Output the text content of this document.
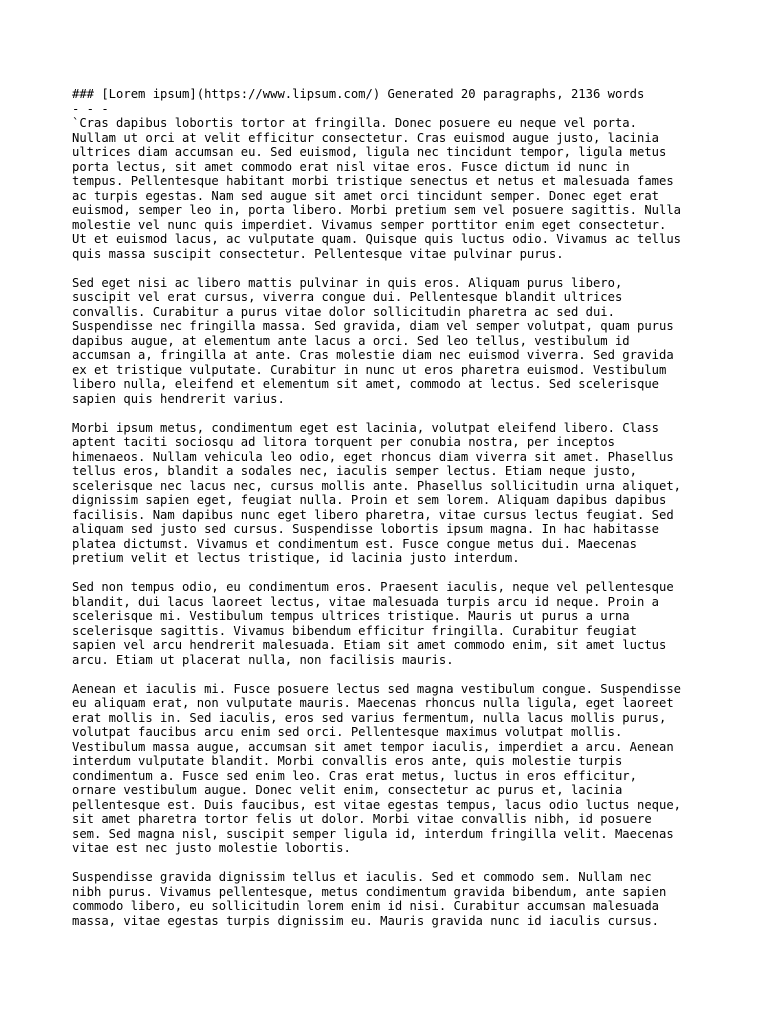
### [Lorem ipsum](https://www.lipsum.com/) Generated 20 paragraphs, 2136 words
- - -
`Cras dapibus lobortis tortor at fringilla. Donec posuere eu neque vel porta.
Nullam ut orci at velit efficitur consectetur. Cras euismod augue justo, lacinia
ultrices diam accumsan eu. Sed euismod, ligula nec tincidunt tempor, ligula metus
porta lectus, sit amet commodo erat nisl vitae eros. Fusce dictum id nunc in
tempus. Pellentesque habitant morbi tristique senectus et netus et malesuada fames
ac turpis egestas. Nam sed augue sit amet orci tincidunt semper. Donec eget erat
euismod, semper leo in, porta libero. Morbi pretium sem vel posuere sagittis. Nulla
molestie vel nunc quis imperdiet. Vivamus semper porttitor enim eget consectetur.
Ut et euismod lacus, ac vulputate quam. Quisque quis luctus odio. Vivamus ac tellus
quis massa suscipit consectetur. Pellentesque vitae pulvinar purus.
Sed eget nisi ac libero mattis pulvinar in quis eros. Aliquam purus libero,
suscipit vel erat cursus, viverra congue dui. Pellentesque blandit ultrices
convallis. Curabitur a purus vitae dolor sollicitudin pharetra ac sed dui.
Suspendisse nec fringilla massa. Sed gravida, diam vel semper volutpat, quam purus
dapibus augue, at elementum ante lacus a orci. Sed leo tellus, vestibulum id
accumsan a, fringilla at ante. Cras molestie diam nec euismod viverra. Sed gravida
ex et tristique vulputate. Curabitur in nunc ut eros pharetra euismod. Vestibulum
libero nulla, eleifend et elementum sit amet, commodo at lectus. Sed scelerisque
sapien quis hendrerit varius.
Morbi ipsum metus, condimentum eget est lacinia, volutpat eleifend libero. Class
aptent taciti sociosqu ad litora torquent per conubia nostra, per inceptos
himenaeos. Nullam vehicula leo odio, eget rhoncus diam viverra sit amet. Phasellus
tellus eros, blandit a sodales nec, iaculis semper lectus. Etiam neque justo,
scelerisque nec lacus nec, cursus mollis ante. Phasellus sollicitudin urna aliquet,
dignissim sapien eget, feugiat nulla. Proin et sem lorem. Aliquam dapibus dapibus
facilisis. Nam dapibus nunc eget libero pharetra, vitae cursus lectus feugiat. Sed
aliquam sed justo sed cursus. Suspendisse lobortis ipsum magna. In hac habitasse
platea dictumst. Vivamus et condimentum est. Fusce congue metus dui. Maecenas
pretium velit et lectus tristique, id lacinia justo interdum.
Sed non tempus odio, eu condimentum eros. Praesent iaculis, neque vel pellentesque
blandit, dui lacus laoreet lectus, vitae malesuada turpis arcu id neque. Proin a
scelerisque mi. Vestibulum tempus ultrices tristique. Mauris ut purus a urna
scelerisque sagittis. Vivamus bibendum efficitur fringilla. Curabitur feugiat
sapien vel arcu hendrerit malesuada. Etiam sit amet commodo enim, sit amet luctus
arcu. Etiam ut placerat nulla, non facilisis mauris.
Aenean et iaculis mi. Fusce posuere lectus sed magna vestibulum congue. Suspendisse
eu aliquam erat, non vulputate mauris. Maecenas rhoncus nulla ligula, eget laoreet
erat mollis in. Sed iaculis, eros sed varius fermentum, nulla lacus mollis purus,
volutpat faucibus arcu enim sed orci. Pellentesque maximus volutpat mollis.
Vestibulum massa augue, accumsan sit amet tempor iaculis, imperdiet a arcu. Aenean
interdum vulputate blandit. Morbi convallis eros ante, quis molestie turpis
condimentum a. Fusce sed enim leo. Cras erat metus, luctus in eros efficitur,
ornare vestibulum augue. Donec velit enim, consectetur ac purus et, lacinia
pellentesque est. Duis faucibus, est vitae egestas tempus, lacus odio luctus neque,
sit amet pharetra tortor felis ut dolor. Morbi vitae convallis nibh, id posuere
sem. Sed magna nisl, suscipit semper ligula id, interdum fringilla velit. Maecenas
vitae est nec justo molestie lobortis.
Suspendisse gravida dignissim tellus et iaculis. Sed et commodo sem. Nullam nec
nibh purus. Vivamus pellentesque, metus condimentum gravida bibendum, ante sapien
commodo libero, eu sollicitudin lorem enim id nisi. Curabitur accumsan malesuada
massa, vitae egestas turpis dignissim eu. Mauris gravida nunc id iaculis cursus.
